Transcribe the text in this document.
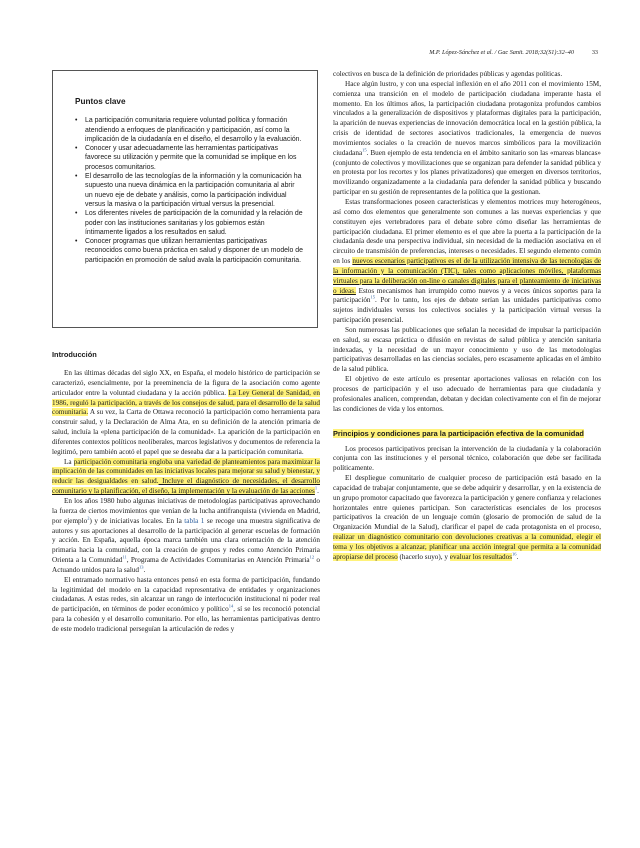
M.P. López-Sánchez et al. / Gac Sanit. 2018;32(S1):32–40	33
Puntos clave
• La participación comunitaria requiere voluntad política y formación atendiendo a enfoques de planificación y participación, así como la implicación de la ciudadanía en el diseño, el desarrollo y la evaluación.
• Conocer y usar adecuadamente las herramientas participativas favorece su utilización y permite que la comunidad se implique en los procesos comunitarios.
• El desarrollo de las tecnologías de la información y la comunicación ha supuesto una nueva dinámica en la participación comunitaria al abrir un nuevo eje de debate y análisis, como la participación individual versus la masiva o la participación virtual versus la presencial.
• Los diferentes niveles de participación de la comunidad y la relación de poder con las instituciones sanitarias y los gobiernos están íntimamente ligados a los resultados en salud.
• Conocer programas que utilizan herramientas participativas reconocidos como buena práctica en salud y disponer de un modelo de participación en promoción de salud avala la participación comunitaria.
Introducción

En las últimas décadas del siglo XX, en España, el modelo histórico de participación se caracterizó, esencialmente, por la preeminencia de la figura de la asociación como agente articulador entre la voluntad ciudadana y la acción pública. La Ley General de Sanidad, en 1986, reguló la participación, a través de los consejos de salud, para el desarrollo de la salud comunitaria. A su vez, la Carta de Ottawa reconoció la participación como herramienta para construir salud, y la Declaración de Alma Ata, en su definición de la atención primaria de salud, incluía la «plena participación de la comunidad». La aparición de la participación en diferentes contextos políticos neoliberales, marcos legislativos y documentos de referencia la legitimó, pero también acotó el papel que se deseaba dar a la participación comunitaria.

La participación comunitaria engloba una variedad de planteamientos para maximizar la implicación de las comunidades en las iniciativas locales para mejorar su salud y bienestar, y reducir las desigualdades en salud. Incluye el diagnóstico de necesidades, el desarrollo comunitario y la planificación, el diseño, la implementación y la evaluación de las acciones$^1$.

En los años 1980 hubo algunas iniciativas de metodologías participativas aprovechando la fuerza de ciertos movimientos que venían de la lucha antifranquista (vivienda en Madrid, por ejemplo$^2$) y de iniciativas locales. En la tabla 1 se recoge una muestra significativa de autores y sus aportaciones al desarrollo de la participación al generar escuelas de formación y acción. En España, aquella época marca también una clara orientación de la atención primaria hacia la comunidad, con la creación de grupos y redes como Atención Primaria Orienta a la Comunidad$^{11}$, Programa de Actividades Comunitarias en Atención Primaria$^{12}$ o Actuando unidos para la salud$^{13}$.

El entramado normativo hasta entonces pensó en esta forma de participación, fundando la legitimidad del modelo en la capacidad representativa de entidades y organizaciones ciudadanas. A estas redes, sin alcanzar un rango de interlocución institucional ni poder real de participación, en términos de poder económico y político$^{14}$, sí se les reconoció potencial para la cohesión y el desarrollo comunitario. Por ello, las herramientas participativas dentro de este modelo tradicional perseguían la articulación de redes y

colectivos en busca de la definición de prioridades públicas y agendas políticas.

Hace algún lustro, y con una especial inflexión en el año 2011 con el movimiento 15M, comienza una transición en el modelo de participación ciudadana imperante hasta el momento. En los últimos años, la participación ciudadana protagoniza profundos cambios vinculados a la generalización de dispositivos y plataformas digitales para la participación, la aparición de nuevas experiencias de innovación democrática local en la gestión pública, la crisis de identidad de sectores asociativos tradicionales, la emergencia de nuevos movimientos sociales o la creación de nuevos marcos simbólicos para la movilización ciudadana$^{15}$. Buen ejemplo de esta tendencia en el ámbito sanitario son las «mareas blancas» (conjunto de colectivos y movilizaciones que se organizan para defender la sanidad pública y en protesta por los recortes y los planes privatizadores) que emergen en diversos territorios, movilizando organizadamente a la ciudadanía para defender la sanidad pública y buscando participar en su gestión de representantes de la política que la gestionan.

Estas transformaciones poseen características y elementos motrices muy heterogéneos, así como dos elementos que generalmente son comunes a las nuevas experiencias y que constituyen ejes vertebradores para el debate sobre cómo diseñar las herramientas de participación ciudadana. El primer elemento es el que abre la puerta a la participación de la ciudadanía desde una perspectiva individual, sin necesidad de la mediación asociativa en el circuito de transmisión de preferencias, intereses o necesidades. El segundo elemento común en los nuevos escenarios participativos es el de la utilización intensiva de las tecnologías de la información y la comunicación (TIC), tales como aplicaciones móviles, plataformas virtuales para la deliberación on-line o canales digitales para el planteamiento de iniciativas o ideas. Estos mecanismos han irrumpido como nuevos y a veces únicos soportes para la participación$^{15}$. Por lo tanto, los ejes de debate serían las unidades participativas como sujetos individuales versus los colectivos sociales y la participación virtual versus la participación presencial.

Son numerosas las publicaciones que señalan la necesidad de impulsar la participación en salud, su escasa práctica o difusión en revistas de salud pública y atención sanitaria indexadas, y la necesidad de un mayor conocimiento y uso de las metodologías participativas desarrolladas en las ciencias sociales, pero escasamente aplicadas en el ámbito de la salud pública.

El objetivo de este artículo es presentar aportaciones valiosas en relación con los procesos de participación y el uso adecuado de herramientas para que ciudadanía y profesionales analicen, comprendan, debatan y decidan colectivamente con el fin de mejorar las condiciones de vida y los entornos.

Principios y condiciones para la participación efectiva de la comunidad

Los procesos participativos precisan la intervención de la ciudadanía y la colaboración conjunta con las instituciones y el personal técnico, colaboración que debe ser facilitada políticamente.

El despliegue comunitario de cualquier proceso de participación está basado en la capacidad de trabajar conjuntamente, que se debe adquirir y desarrollar, y en la existencia de un grupo promotor capacitado que favorezca la participación y genere confianza y relaciones horizontales entre quienes participan. Son características esenciales de los procesos participativos la creación de un lenguaje común (glosario de promoción de salud de la Organización Mundial de la Salud), clarificar el papel de cada protagonista en el proceso, realizar un diagnóstico comunitario con devoluciones creativas a la comunidad, elegir el tema y los objetivos a alcanzar, planificar una acción integral que permita a la comunidad apropiarse del proceso (hacerlo suyo), y evaluar los resultados$^{16}$.
